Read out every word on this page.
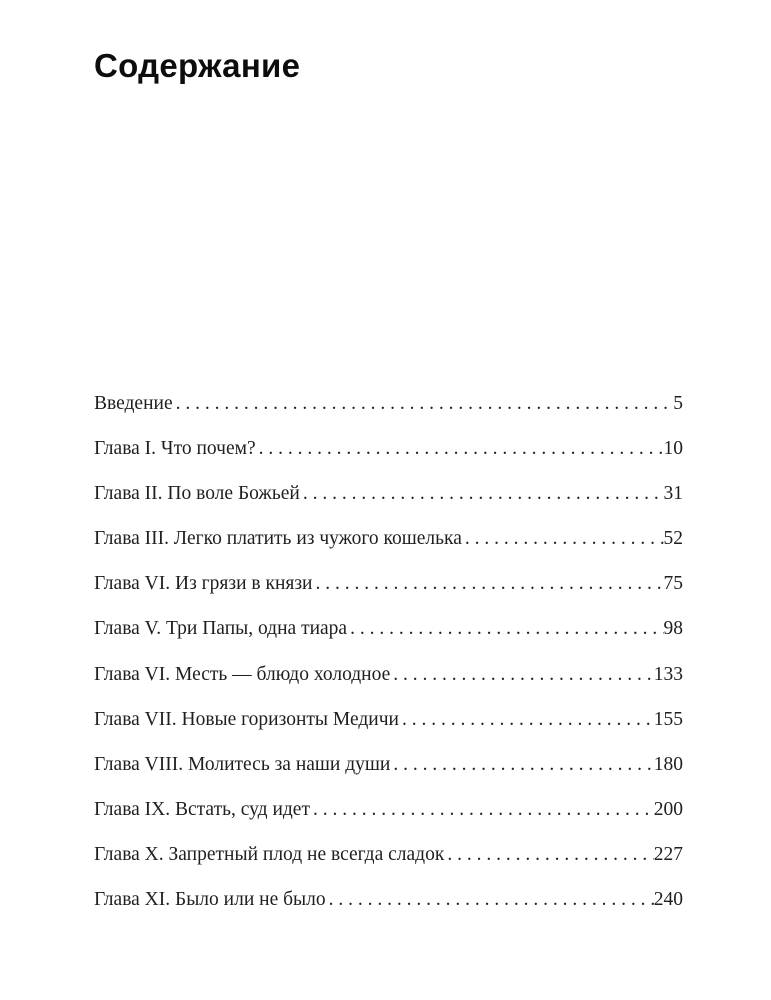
Содержание
Введение . . .	5
Глава I. Что почем? . . .	10
Глава II. По воле Божьей . . .	31
Глава III. Легко платить из чужого кошелька . . .	52
Глава VI. Из грязи в князи . . .	75
Глава V. Три Папы, одна тиара . . .	98
Глава VI. Месть — блюдо холодное . . .	133
Глава VII. Новые горизонты Медичи . . .	155
Глава VIII. Молитесь за наши души . . .	180
Глава IX. Встать, суд идет . . .	200
Глава X. Запретный плод не всегда сладок . . .	227
Глава XI. Было или не было . . .	240
